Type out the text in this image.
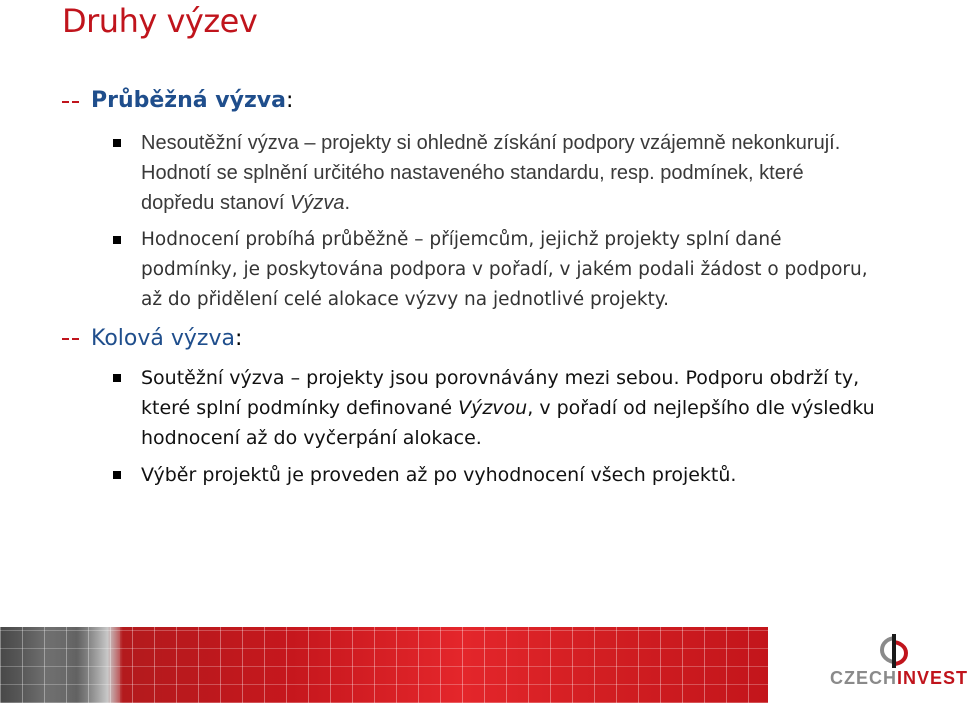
Druhy výzev
Průběžná výzva:
Nesoutěžní výzva – projekty si ohledně získání podpory vzájemně nekonkurují.
Hodnotí se splnění určitého nastaveného standardu, resp. podmínek, které
dopředu stanoví Výzva.
Hodnocení probíhá průběžně – příjemcům, jejichž projekty splní dané
podmínky, je poskytována podpora v pořadí, v jakém podali žádost o podporu,
až do přidělení celé alokace výzvy na jednotlivé projekty.
Kolová výzva:
Soutěžní výzva – projekty jsou porovnávány mezi sebou. Podporu obdrží ty,
které splní podmínky definované Výzvou, v pořadí od nejlepšího dle výsledku
hodnocení až do vyčerpání alokace.
Výběr projektů je proveden až po vyhodnocení všech projektů.
CZECHINVEST
